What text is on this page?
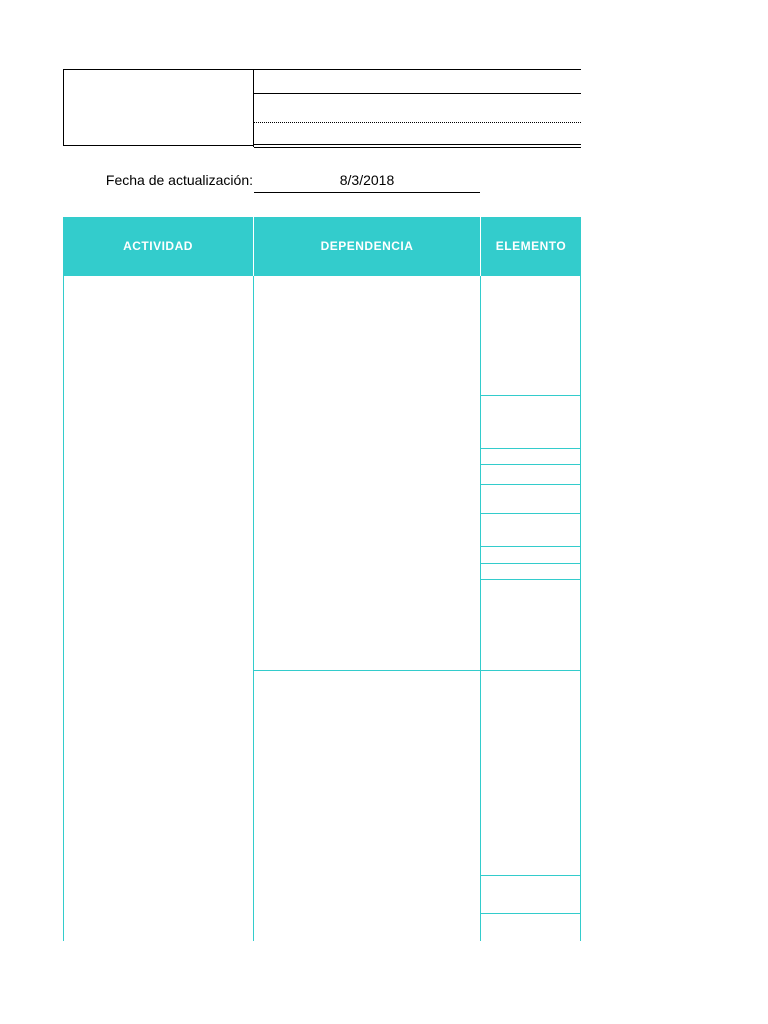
Fecha de actualización:	8/3/2018
ACTIVIDAD	DEPENDENCIA	ELEMENTO
